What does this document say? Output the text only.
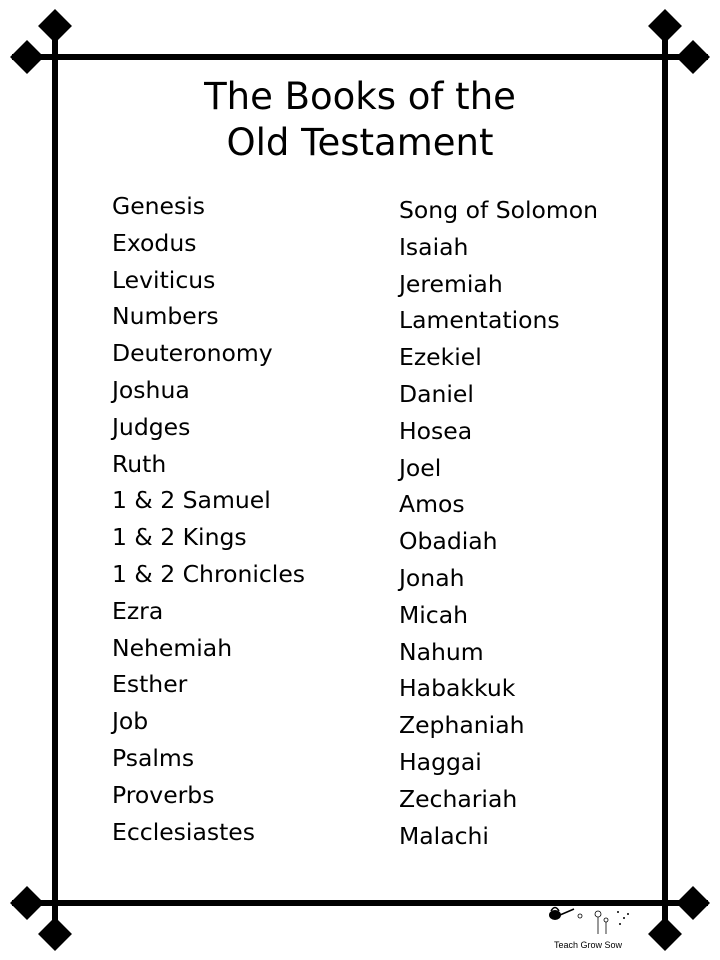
The Books of the
Old Testament
Genesis
Exodus
Leviticus
Numbers
Deuteronomy
Joshua
Judges
Ruth
1 & 2 Samuel
1 & 2 Kings
1 & 2 Chronicles
Ezra
Nehemiah
Esther
Job
Psalms
Proverbs
Ecclesiastes
Song of Solomon
Isaiah
Jeremiah
Lamentations
Ezekiel
Daniel
Hosea
Joel
Amos
Obadiah
Jonah
Micah
Nahum
Habakkuk
Zephaniah
Haggai
Zechariah
Malachi
Teach Grow Sow
